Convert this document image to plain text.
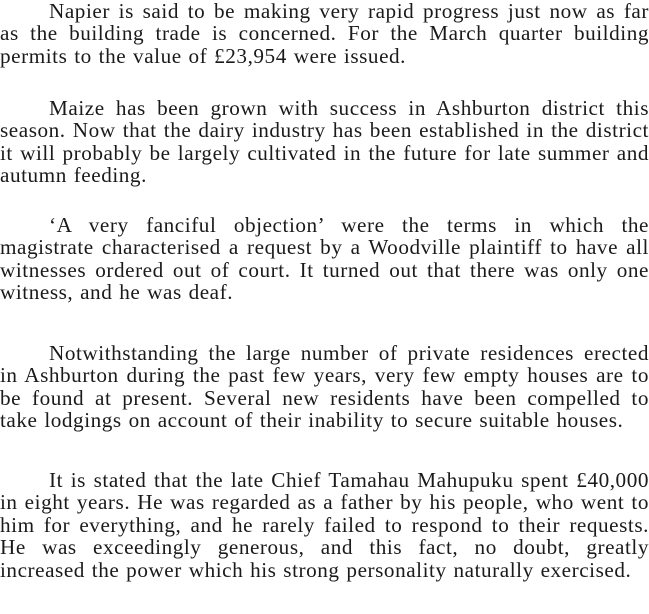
Napier is said to be making very rapid progress just now as far as the building trade is concerned. For the March quarter building permits to the value of £23,954 were issued.

Maize has been grown with success in Ashburton district this season. Now that the dairy industry has been established in the district it will probably be largely cultivated in the future for late summer and autumn feeding.

‘A very fanciful objection’ were the terms in which the magistrate characterised a request by a Woodville plaintiff to have all witnesses ordered out of court. It turned out that there was only one witness, and he was deaf.

Notwithstanding the large number of private residences erected in Ashburton during the past few years, very few empty houses are to be found at present. Several new residents have been compelled to take lodgings on account of their inability to secure suitable houses.

It is stated that the late Chief Tamahau Mahupuku spent £40,000 in eight years. He was regarded as a father by his people, who went to him for everything, and he rarely failed to respond to their requests. He was exceedingly generous, and this fact, no doubt, greatly increased the power which his strong personality naturally exercised.
